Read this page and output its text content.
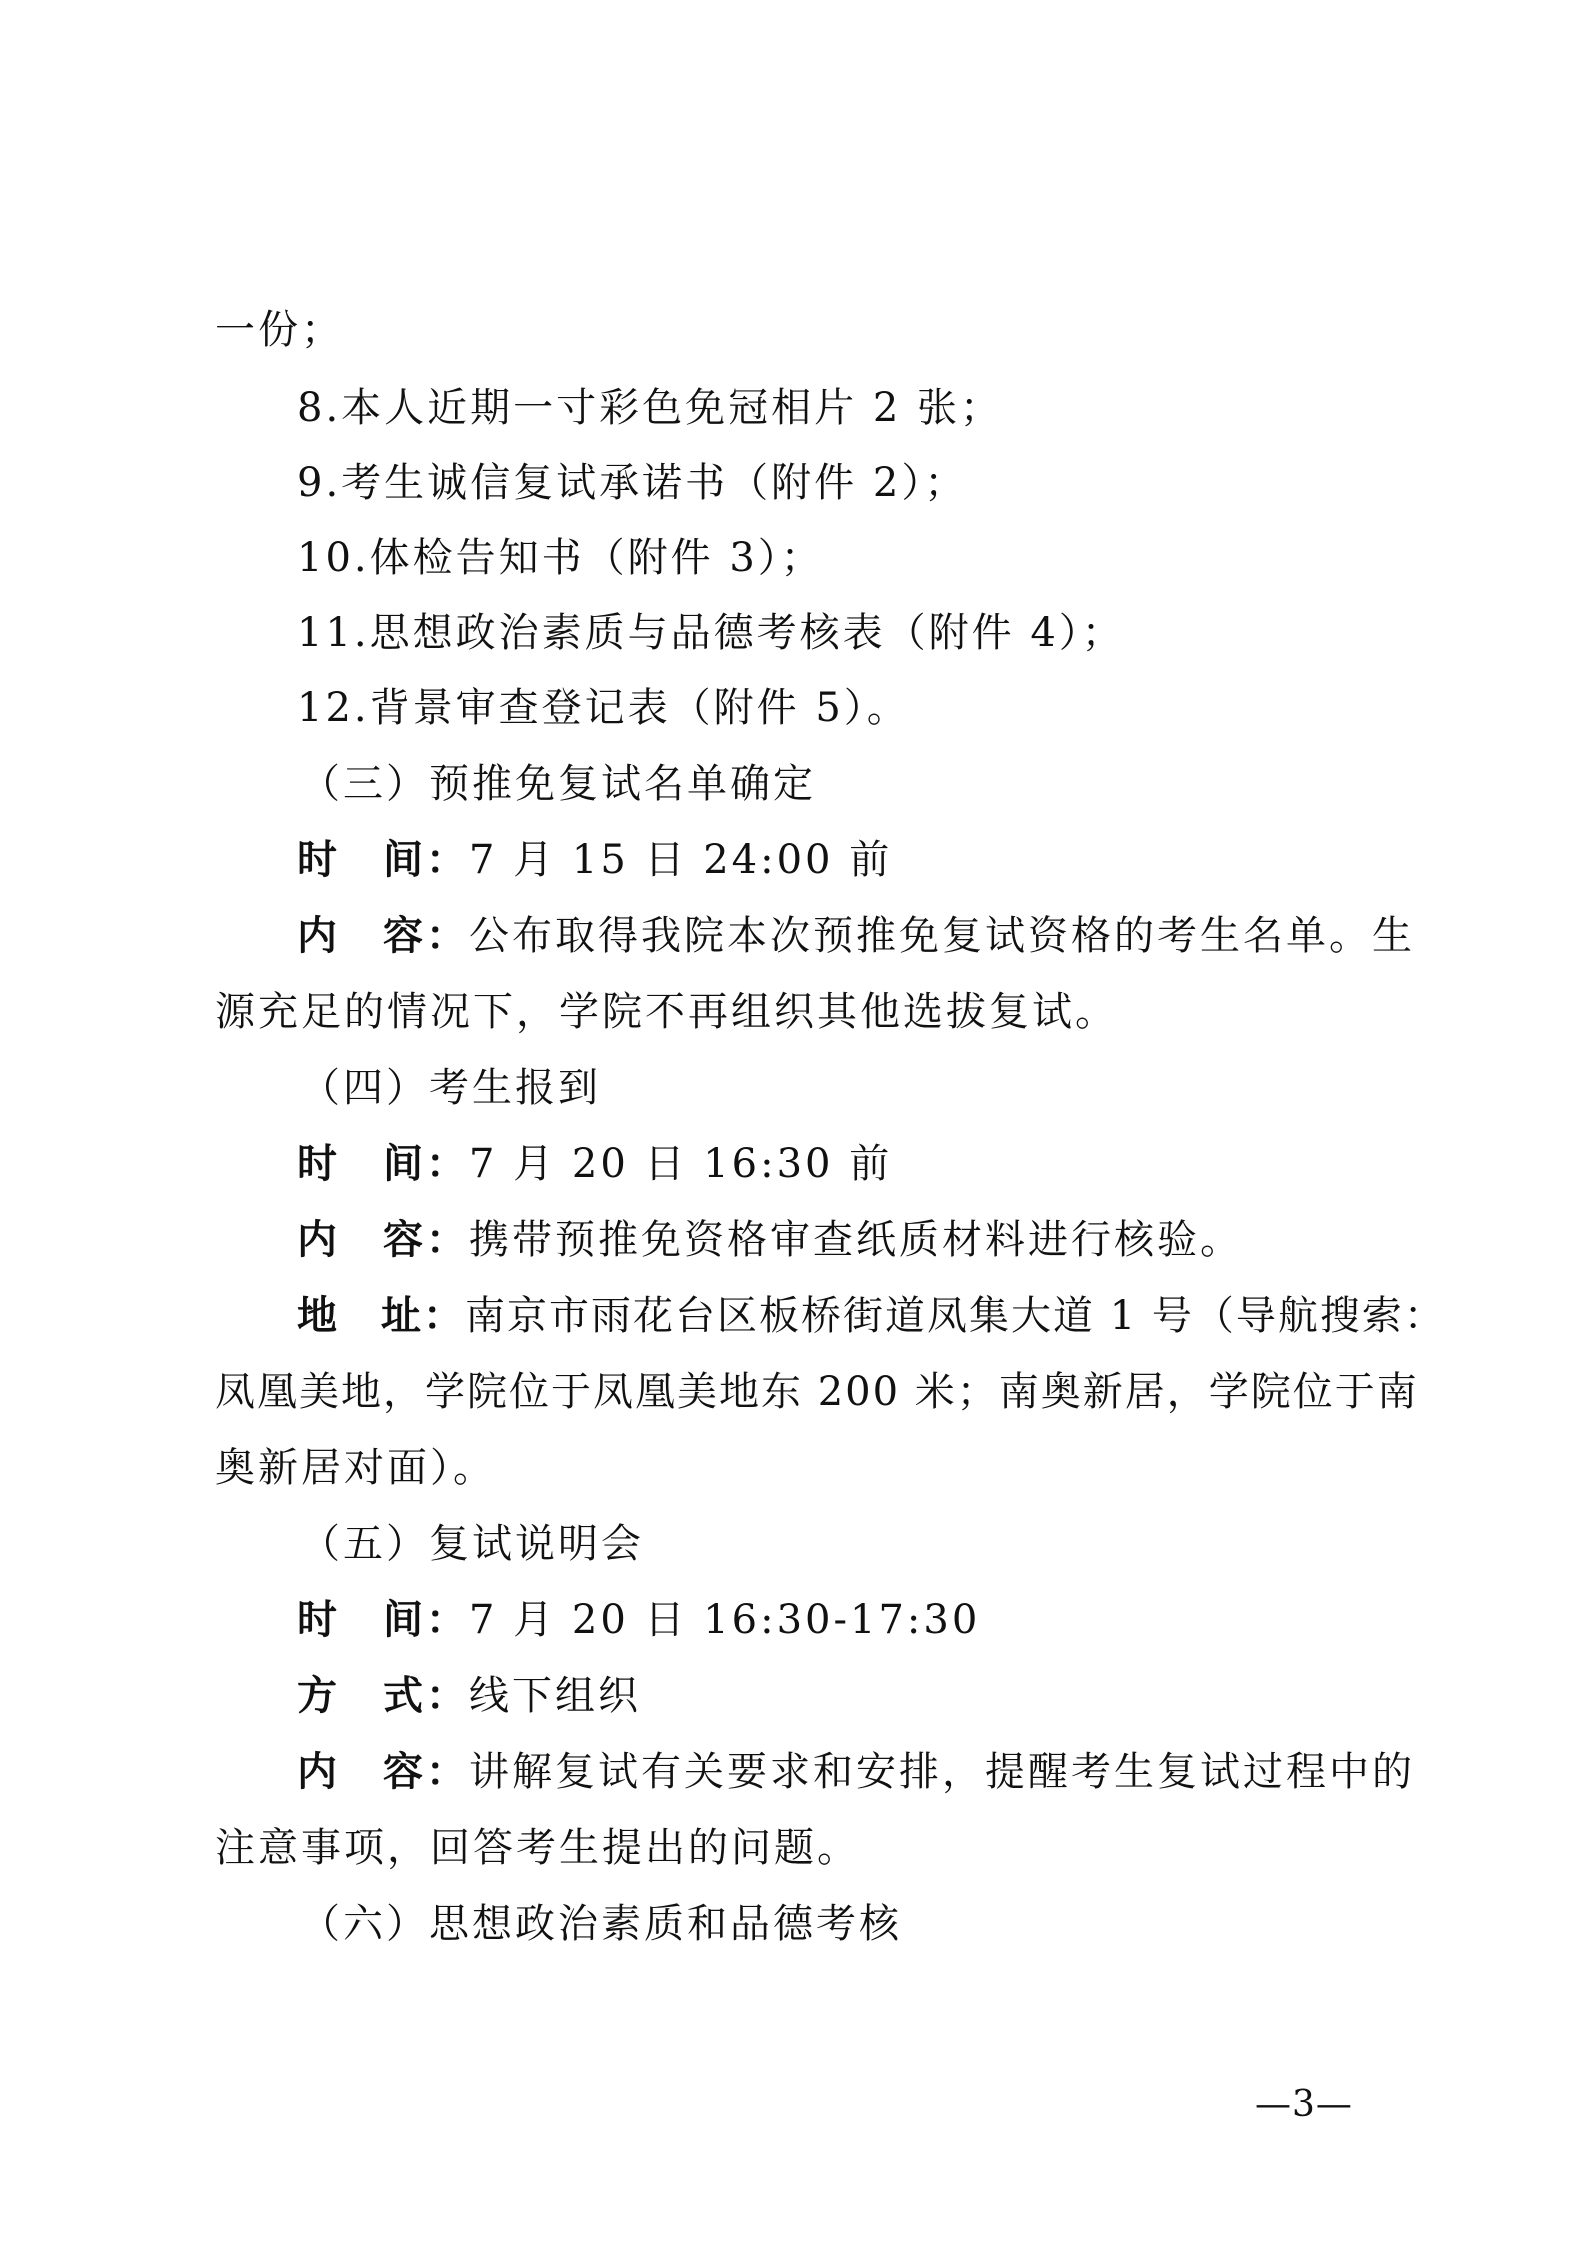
一份；
8.本人近期一寸彩色免冠相片 2 张；
9.考生诚信复试承诺书（附件 2）；
10.体检告知书（附件 3）；
11.思想政治素质与品德考核表（附件 4）；
12.背景审查登记表（附件 5）。
（三）预推免复试名单确定
时　间：7 月 15 日 24:00 前
内　容：公布取得我院本次预推免复试资格的考生名单。生
源充足的情况下，学院不再组织其他选拔复试。
（四）考生报到
时　间：7 月 20 日 16:30 前
内　容：携带预推免资格审查纸质材料进行核验。
地　址：南京市雨花台区板桥街道凤集大道 1 号（导航搜索：
凤凰美地，学院位于凤凰美地东 200 米；南奥新居，学院位于南
奥新居对面）。
（五）复试说明会
时　间：7 月 20 日 16:30-17:30
方　式：线下组织
内　容：讲解复试有关要求和安排，提醒考生复试过程中的
注意事项，回答考生提出的问题。
（六）思想政治素质和品德考核
—3—
